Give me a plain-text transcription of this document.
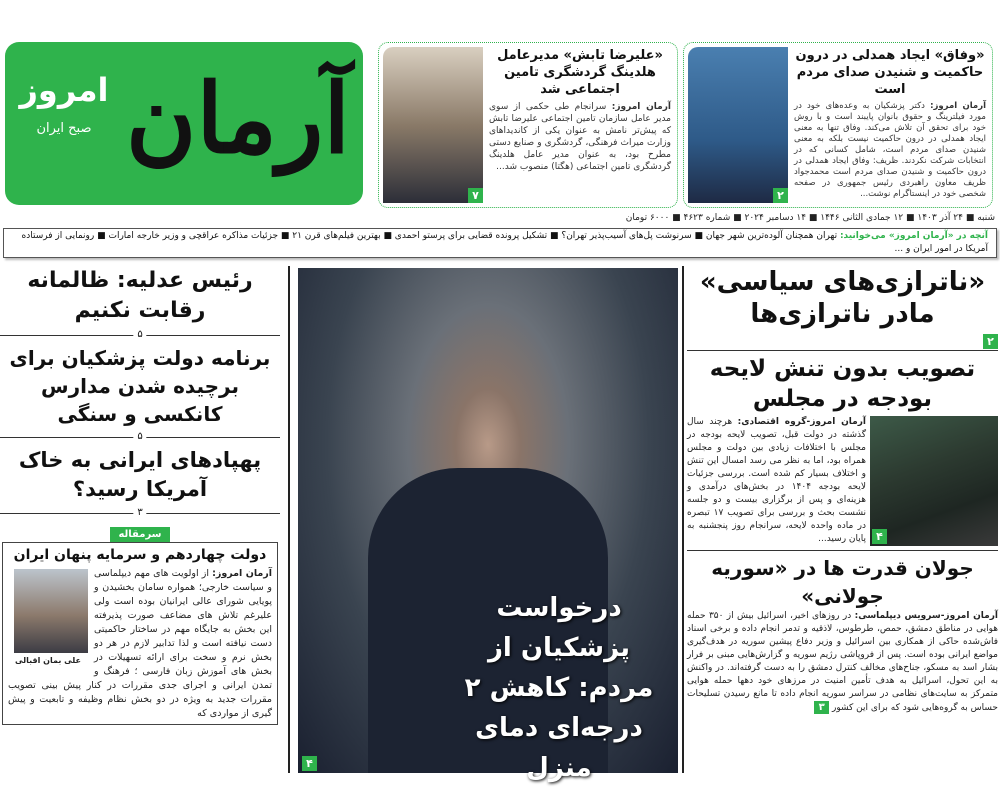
امروز
صبح ایران آرمان
۲
«وفاق» ایجاد همدلی در درون حاکمیت و شنیدن صدای مردم است

آرمان امروز: دکتر پزشکیان به وعده‌های خود در مورد فیلترینگ و حقوق بانوان پایبند است و با روش خود برای تحقق آن تلاش می‌کند. وفاق تنها به معنی ایجاد همدلی در درون حاکمیت نیست بلکه به معنی شنیدن صدای مردم است، شامل کسانی که در انتخابات شرکت نکردند. ظریف: وفاق ایجاد همدلی در درون حاکمیت و شنیدن صدای مردم است محمدجواد ظریف معاون راهبردی رئیس جمهوری در صفحه شخصی خود در اینستاگرام نوشت...

۷
«علیرضا تابش» مدیرعامل هلدینگ گردشگری تامین اجتماعی شد

آرمان امروز: سرانجام طی حکمی از سوی مدیر عامل سازمان تامین اجتماعی علیرضا تابش که پیش‌تر نامش به عنوان یکی از کاندیداهای وزارت میراث فرهنگی، گردشگری و صنایع دستی مطرح بود، به عنوان مدیر عامل هلدینگ گردشگری تامین اجتماعی (هگتا) منصوب شد...

شنبه ■ ۲۴ آذر ۱۴۰۳ ■ ۱۲ جمادی الثانی ۱۴۴۶ ■ ۱۴ دسامبر ۲۰۲۴ ■ شماره ۴۶۲۳ ■ ۶۰۰۰ تومان
آنچه در «آرمان امروز» می‌خوانید: تهران همچنان آلوده‌ترین شهر جهان ■ سرنوشت پل‌های آسیب‌پذیر تهران؟ ■ تشکیل پرونده قضایی برای پرستو احمدی ■ بهترین فیلم‌های قرن ۲۱ ■ جزئیات مذاکره عراقچی و وزیر خارجه امارات ■ رونمایی از فرستاده آمریکا در امور ایران و ...
رئیس عدلیه: ظالمانه رقابت نکنیم
۵
برنامه دولت پزشکیان برای برچیده شدن مدارس کانکسی و سنگی
۵
پهپادهای ایرانی به خاک آمریکا رسید؟
۳
سرمقاله
دولت چهاردهم و سرمایه پنهان ایران
علی بمان اقبالی
آرمان امروز: از اولویت های مهم دیپلماسی و سیاست خارجی؛ همواره سامان بخشیدن و پویایی شورای عالی ایرانیان بوده است ولی علیرغم تلاش های مضاعف صورت پذیرفته این بخش به جایگاه مهم در ساختار حاکمیتی دست نیافته است و لذا تدابیر لازم در هر دو بخش نرم و سخت برای ارائه تسهیلات در بخش های آموزش زبان فارسی ؛ فرهنگ و تمدن ایرانی و اجرای جدی مقررات در کنار پیش بینی تصویب مقررات جدید به ویژه در دو بخش نظام وظیفه و تابعیت و پیش گیری از مواردی که
درخواست پزشکیان از مردم: کاهش ۲ درجه‌ای دمای منزل
۴
«ناترازی‌های سیاسی» مادر ناترازی‌ها
۲
تصویب بدون تنش لایحه بودجه در مجلس
آرمان امروز-گروه اقتصادی: هرچند سال گذشته در دولت قبل، تصویب لایحه بودجه در مجلس با اختلافات زیادی بین دولت و مجلس همراه بود، اما به نظر می رسد امسال این تنش و اختلاف بسیار کم شده است. بررسی جزئیات لایحه بودجه ۱۴۰۴ در بخش‌های درآمدی و هزینه‌ای و پس از برگزاری بیست و دو جلسه نشست بحث و بررسی برای تصویب ۱۷ تبصره در ماده واحده لایحه، سرانجام روز پنجشنبه به پایان رسید... ۴
جولان قدرت ها در «سوریه جولانی»
آرمان امروز-سرویس دیپلماسی: در روزهای اخیر، اسرائیل بیش از ۳۵۰ حمله هوایی در مناطق دمشق، حمص، طرطوس، لاذقیه و تدمر انجام داده و برخی اسناد فاش‌شده حاکی از همکاری بین اسرائیل و وزیر دفاع پیشین سوریه در هدف‌گیری مواضع ایرانی بوده است. پس از فروپاشی رژیم سوریه و گزارش‌هایی مبنی بر فرار بشار اسد به مسکو، جناح‌های مخالف کنترل دمشق را به دست گرفته‌اند. در واکنش به این تحول، اسرائیل به هدف تأمین امنیت در مرزهای خود دهها حمله هوایی متمرکز به سایت‌های نظامی در سراسر سوریه انجام داده تا مانع رسیدن تسلیحات حساس به گروه‌هایی شود که برای این کشور ۳
